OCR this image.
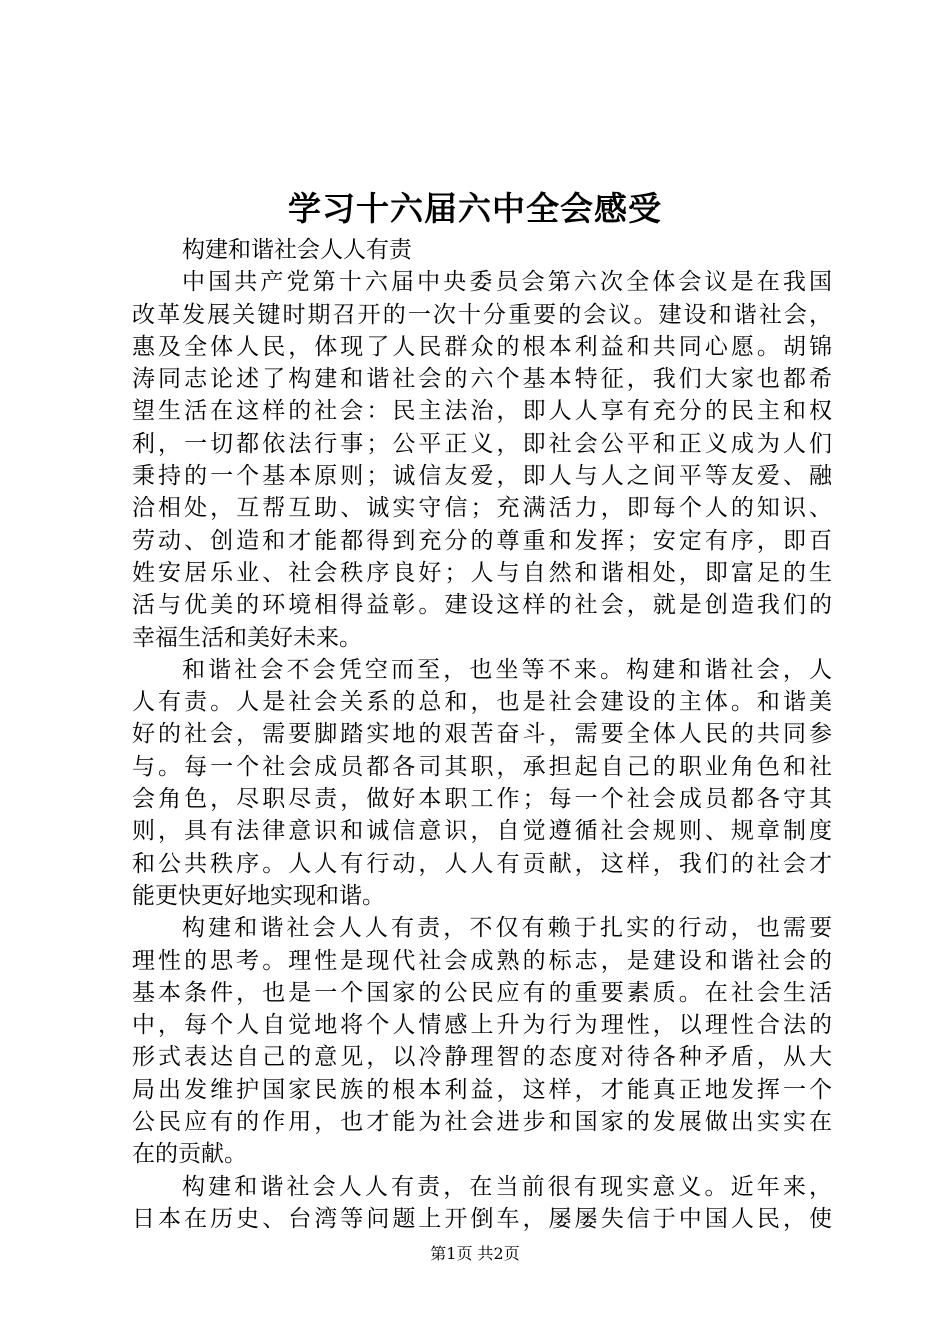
学习十六届六中全会感受
构建和谐社会人人有责
中国共产党第十六届中央委员会第六次全体会议是在我国
改革发展关键时期召开的一次十分重要的会议。建设和谐社会，
惠及全体人民，体现了人民群众的根本利益和共同心愿。胡锦
涛同志论述了构建和谐社会的六个基本特征，我们大家也都希
望生活在这样的社会：民主法治，即人人享有充分的民主和权
利，一切都依法行事；公平正义，即社会公平和正义成为人们
秉持的一个基本原则；诚信友爱，即人与人之间平等友爱、融
洽相处，互帮互助、诚实守信；充满活力，即每个人的知识、
劳动、创造和才能都得到充分的尊重和发挥；安定有序，即百
姓安居乐业、社会秩序良好；人与自然和谐相处，即富足的生
活与优美的环境相得益彰。建设这样的社会，就是创造我们的
幸福生活和美好未来。
和谐社会不会凭空而至，也坐等不来。构建和谐社会，人
人有责。人是社会关系的总和，也是社会建设的主体。和谐美
好的社会，需要脚踏实地的艰苦奋斗，需要全体人民的共同参
与。每一个社会成员都各司其职，承担起自己的职业角色和社
会角色，尽职尽责，做好本职工作；每一个社会成员都各守其
则，具有法律意识和诚信意识，自觉遵循社会规则、规章制度
和公共秩序。人人有行动，人人有贡献，这样，我们的社会才
能更快更好地实现和谐。
构建和谐社会人人有责，不仅有赖于扎实的行动，也需要
理性的思考。理性是现代社会成熟的标志，是建设和谐社会的
基本条件，也是一个国家的公民应有的重要素质。在社会生活
中，每个人自觉地将个人情感上升为行为理性，以理性合法的
形式表达自己的意见，以冷静理智的态度对待各种矛盾，从大
局出发维护国家民族的根本利益，这样，才能真正地发挥一个
公民应有的作用，也才能为社会进步和国家的发展做出实实在
在的贡献。
构建和谐社会人人有责，在当前很有现实意义。近年来，
日本在历史、台湾等问题上开倒车，屡屡失信于中国人民，使
第1页 共2页
